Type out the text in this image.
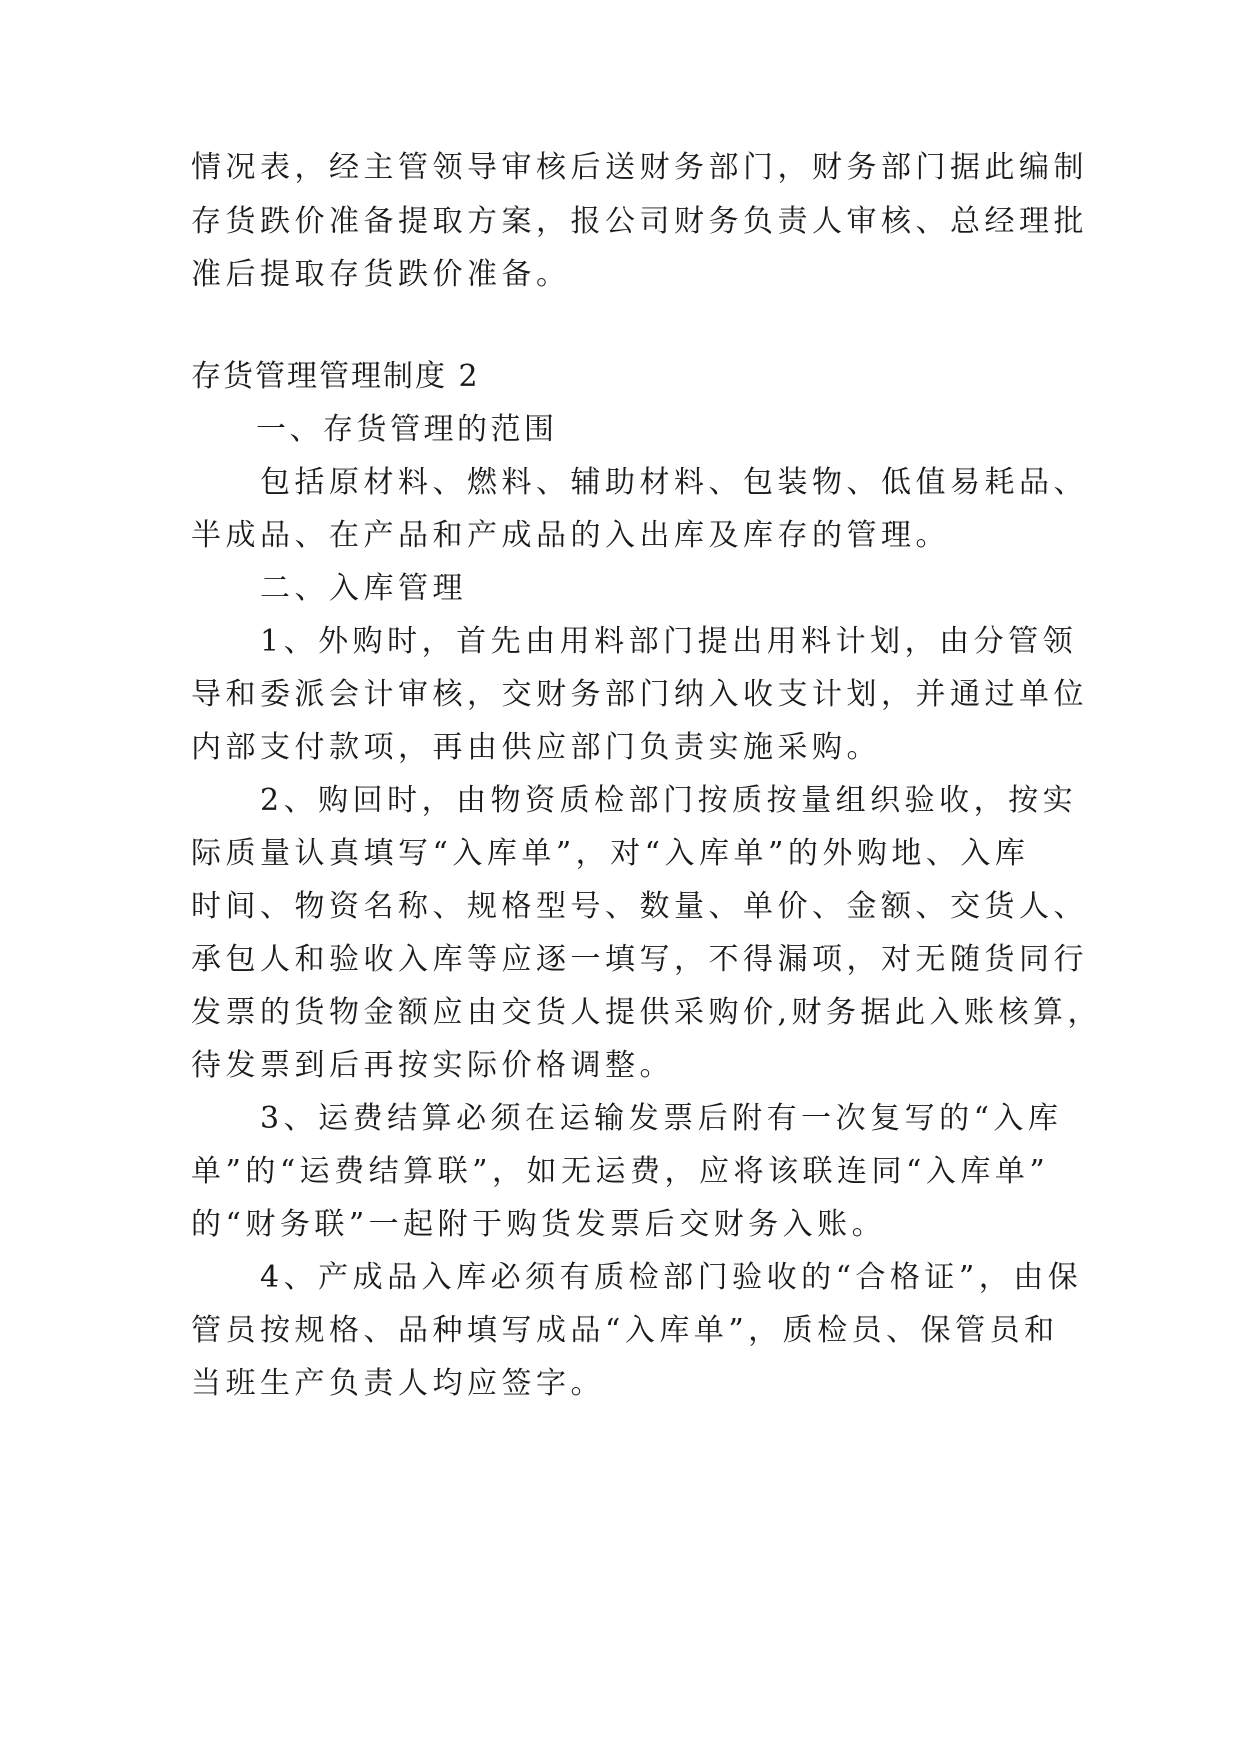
情况表，经主管领导审核后送财务部门，财务部门据此编制
存货跌价准备提取方案，报公司财务负责人审核、总经理批
准后提取存货跌价准备。
存货管理管理制度 2
一、存货管理的范围
包括原材料、燃料、辅助材料、包装物、低值易耗品、
半成品、在产品和产成品的入出库及库存的管理。
二、入库管理
1、外购时，首先由用料部门提出用料计划，由分管领
导和委派会计审核，交财务部门纳入收支计划，并通过单位
内部支付款项，再由供应部门负责实施采购。
2、购回时，由物资质检部门按质按量组织验收，按实
际质量认真填写“入库单”，对“入库单”的外购地、入库
时间、物资名称、规格型号、数量、单价、金额、交货人、
承包人和验收入库等应逐一填写，不得漏项，对无随货同行
发票的货物金额应由交货人提供采购价,财务据此入账核算，
待发票到后再按实际价格调整。
3、运费结算必须在运输发票后附有一次复写的“入库
单”的“运费结算联”，如无运费，应将该联连同“入库单”
的“财务联”一起附于购货发票后交财务入账。
4、产成品入库必须有质检部门验收的“合格证”，由保
管员按规格、品种填写成品“入库单”，质检员、保管员和
当班生产负责人均应签字。
